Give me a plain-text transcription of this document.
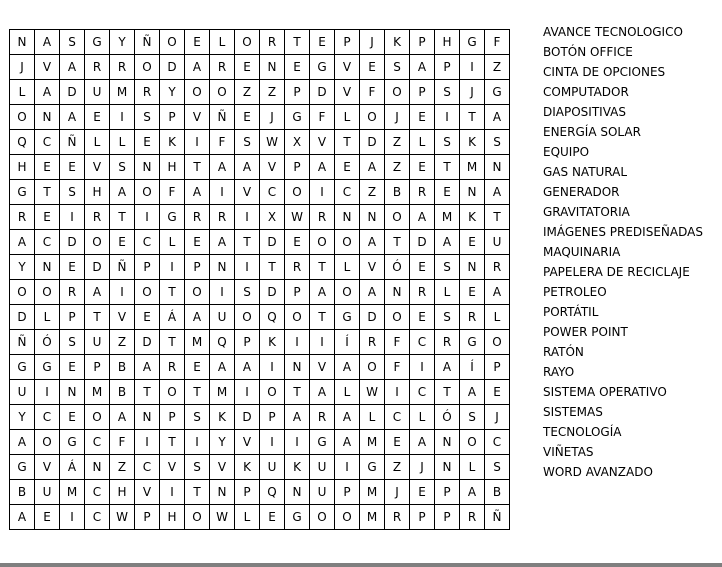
N	A	S	G	Y	Ñ	O	E	L	O	R	T	E	P	J	K	P	H	G	F
J	V	A	R	R	O	D	A	R	E	N	E	G	V	E	S	A	P	I	Z
L	A	D	U	M	R	Y	O	O	Z	Z	P	D	V	F	O	P	S	J	G
O	N	A	E	I	S	P	V	Ñ	E	J	G	F	L	O	J	E	I	T	A
Q	C	Ñ	L	L	E	K	I	F	S	W	X	V	T	D	Z	L	S	K	S
H	E	E	V	S	N	H	T	A	A	V	P	A	E	A	Z	E	T	M	N
G	T	S	H	A	O	F	A	I	V	C	O	I	C	Z	B	R	E	N	A
R	E	I	R	T	I	G	R	R	I	X	W	R	N	N	O	A	M	K	T
A	C	D	O	E	C	L	E	A	T	D	E	O	O	A	T	D	A	E	U
Y	N	E	D	Ñ	P	I	P	N	I	T	R	T	L	V	Ó	E	S	N	R
O	O	R	A	I	O	T	O	I	S	D	P	A	O	A	N	R	L	E	A
D	L	P	T	V	E	Á	A	U	O	Q	O	T	G	D	O	E	S	R	L
Ñ	Ó	S	U	Z	D	T	M	Q	P	K	I	I	Í	R	F	C	R	G	O
G	G	E	P	B	A	R	E	A	A	I	N	V	A	O	F	I	A	Í	P
U	I	N	M	B	T	O	T	M	I	O	T	A	L	W	I	C	T	A	E
Y	C	E	O	A	N	P	S	K	D	P	A	R	A	L	C	L	Ó	S	J
A	O	G	C	F	I	T	I	Y	V	I	I	G	A	M	E	A	N	O	C
G	V	Á	N	Z	C	V	S	V	K	U	K	U	I	G	Z	J	N	L	S
B	U	M	C	H	V	I	T	N	P	Q	N	U	P	M	J	E	P	A	B
A	E	I	C	W	P	H	O	W	L	E	G	O	O	M	R	P	P	R	Ñ
AVANCE TECNOLOGICO
BOTÓN OFFICE
CINTA DE OPCIONES
COMPUTADOR
DIAPOSITIVAS
ENERGÍA SOLAR
EQUIPO
GAS NATURAL
GENERADOR
GRAVITATORIA
IMÁGENES PREDISEÑADAS
MAQUINARIA
PAPELERA DE RECICLAJE
PETROLEO
PORTÁTIL
POWER POINT
RATÓN
RAYO
SISTEMA OPERATIVO
SISTEMAS
TECNOLOGÍA
VIÑETAS
WORD AVANZADO
